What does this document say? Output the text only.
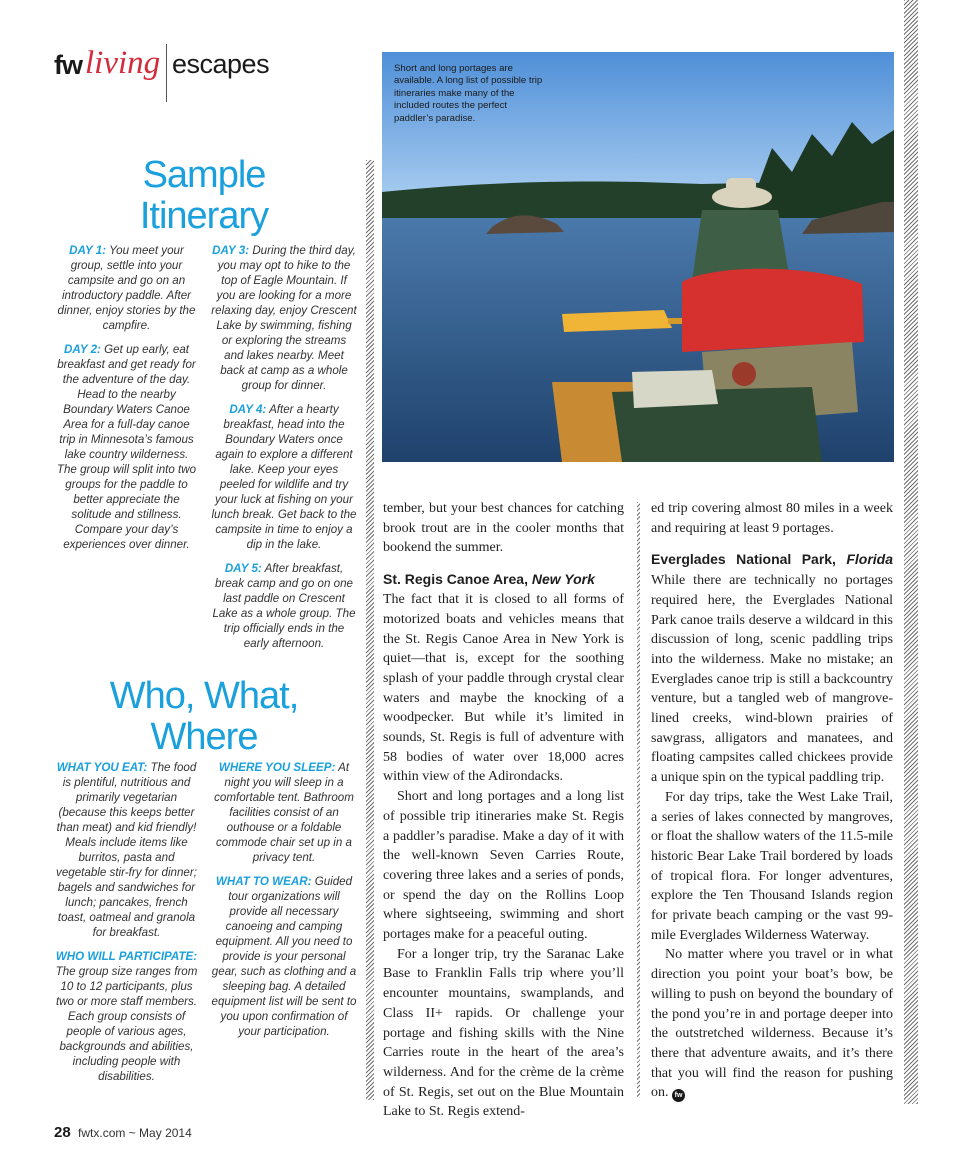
fw living escapes
Sample
Itinerary

DAY 1: You meet your group, settle into your campsite and go on an introductory paddle. After dinner, enjoy stories by the campfire.

DAY 2: Get up early, eat breakfast and get ready for the adventure of the day. Head to the nearby Boundary Waters Canoe Area for a full-day canoe trip in Minnesota’s famous lake country wilderness. The group will split into two groups for the paddle to better appreciate the solitude and stillness. Compare your day’s experiences over dinner.

DAY 3: During the third day, you may opt to hike to the top of Eagle Mountain. If you are looking for a more relaxing day, enjoy Crescent Lake by swimming, fishing or exploring the streams and lakes nearby. Meet back at camp as a whole group for dinner.

DAY 4: After a hearty breakfast, head into the Boundary Waters once again to explore a different lake. Keep your eyes peeled for wildlife and try your luck at fishing on your lunch break. Get back to the campsite in time to enjoy a dip in the lake.

DAY 5: After breakfast, break camp and go on one last paddle on Crescent Lake as a whole group. The trip officially ends in the early afternoon.

Who, What,
Where

WHAT YOU EAT: The food is plentiful, nutritious and primarily vegetarian (because this keeps better than meat) and kid friendly! Meals include items like burritos, pasta and vegetable stir-fry for dinner; bagels and sandwiches for lunch; pancakes, french toast, oatmeal and granola for breakfast.

WHO WILL PARTICIPATE: The group size ranges from 10 to 12 participants, plus two or more staff members. Each group consists of people of various ages, backgrounds and abilities, including people with disabilities.

WHERE YOU SLEEP: At night you will sleep in a comfortable tent. Bathroom facilities consist of an outhouse or a foldable commode chair set up in a privacy tent.

WHAT TO WEAR: Guided tour organizations will provide all necessary canoeing and camping equipment. All you need to provide is your personal gear, such as clothing and a sleeping bag. A detailed equipment list will be sent to you upon confirmation of your participation.

Short and long portages are available. A long list of possible trip itineraries make many of the included routes the perfect paddler’s paradise.

tember, but your best chances for catching brook trout are in the cooler months that bookend the summer.

St. Regis Canoe Area, New York

The fact that it is closed to all forms of motorized boats and vehicles means that the St. Regis Canoe Area in New York is quiet—that is, except for the soothing splash of your paddle through crystal clear waters and maybe the knocking of a woodpecker. But while it’s limited in sounds, St. Regis is full of adventure with 58 bodies of water over 18,000 acres within view of the Adirondacks.

Short and long portages and a long list of possible trip itineraries make St. Regis a paddler’s paradise. Make a day of it with the well-known Seven Carries Route, covering three lakes and a series of ponds, or spend the day on the Rollins Loop where sightseeing, swimming and short portages make for a peaceful outing.

For a longer trip, try the Saranac Lake Base to Franklin Falls trip where you’ll encounter mountains, swamplands, and Class II+ rapids. Or challenge your portage and fishing skills with the Nine Carries route in the heart of the area’s wilderness. And for the crème de la crème of St. Regis, set out on the Blue Mountain Lake to St. Regis extend-

ed trip covering almost 80 miles in a week and requiring at least 9 portages.

Everglades National Park, Florida While there are technically no portages required here, the Everglades National Park canoe trails deserve a wildcard in this discussion of long, scenic paddling trips into the wilderness. Make no mistake; an Everglades canoe trip is still a backcountry venture, but a tangled web of mangrove-lined creeks, wind-blown prairies of sawgrass, alligators and manatees, and floating campsites called chickees provide a unique spin on the typical paddling trip.

For day trips, take the West Lake Trail, a series of lakes connected by mangroves, or float the shallow waters of the 11.5-mile historic Bear Lake Trail bordered by loads of tropical flora. For longer adventures, explore the Ten Thousand Islands region for private beach camping or the vast 99-mile Everglades Wilderness Waterway.

No matter where you travel or in what direction you point your boat’s bow, be willing to push on beyond the boundary of the pond you’re in and portage deeper into the outstretched wilderness. Because it’s there that adventure awaits, and it’s there that you will find the reason for pushing on. fw

28 fwtx.com ~ May 2014
